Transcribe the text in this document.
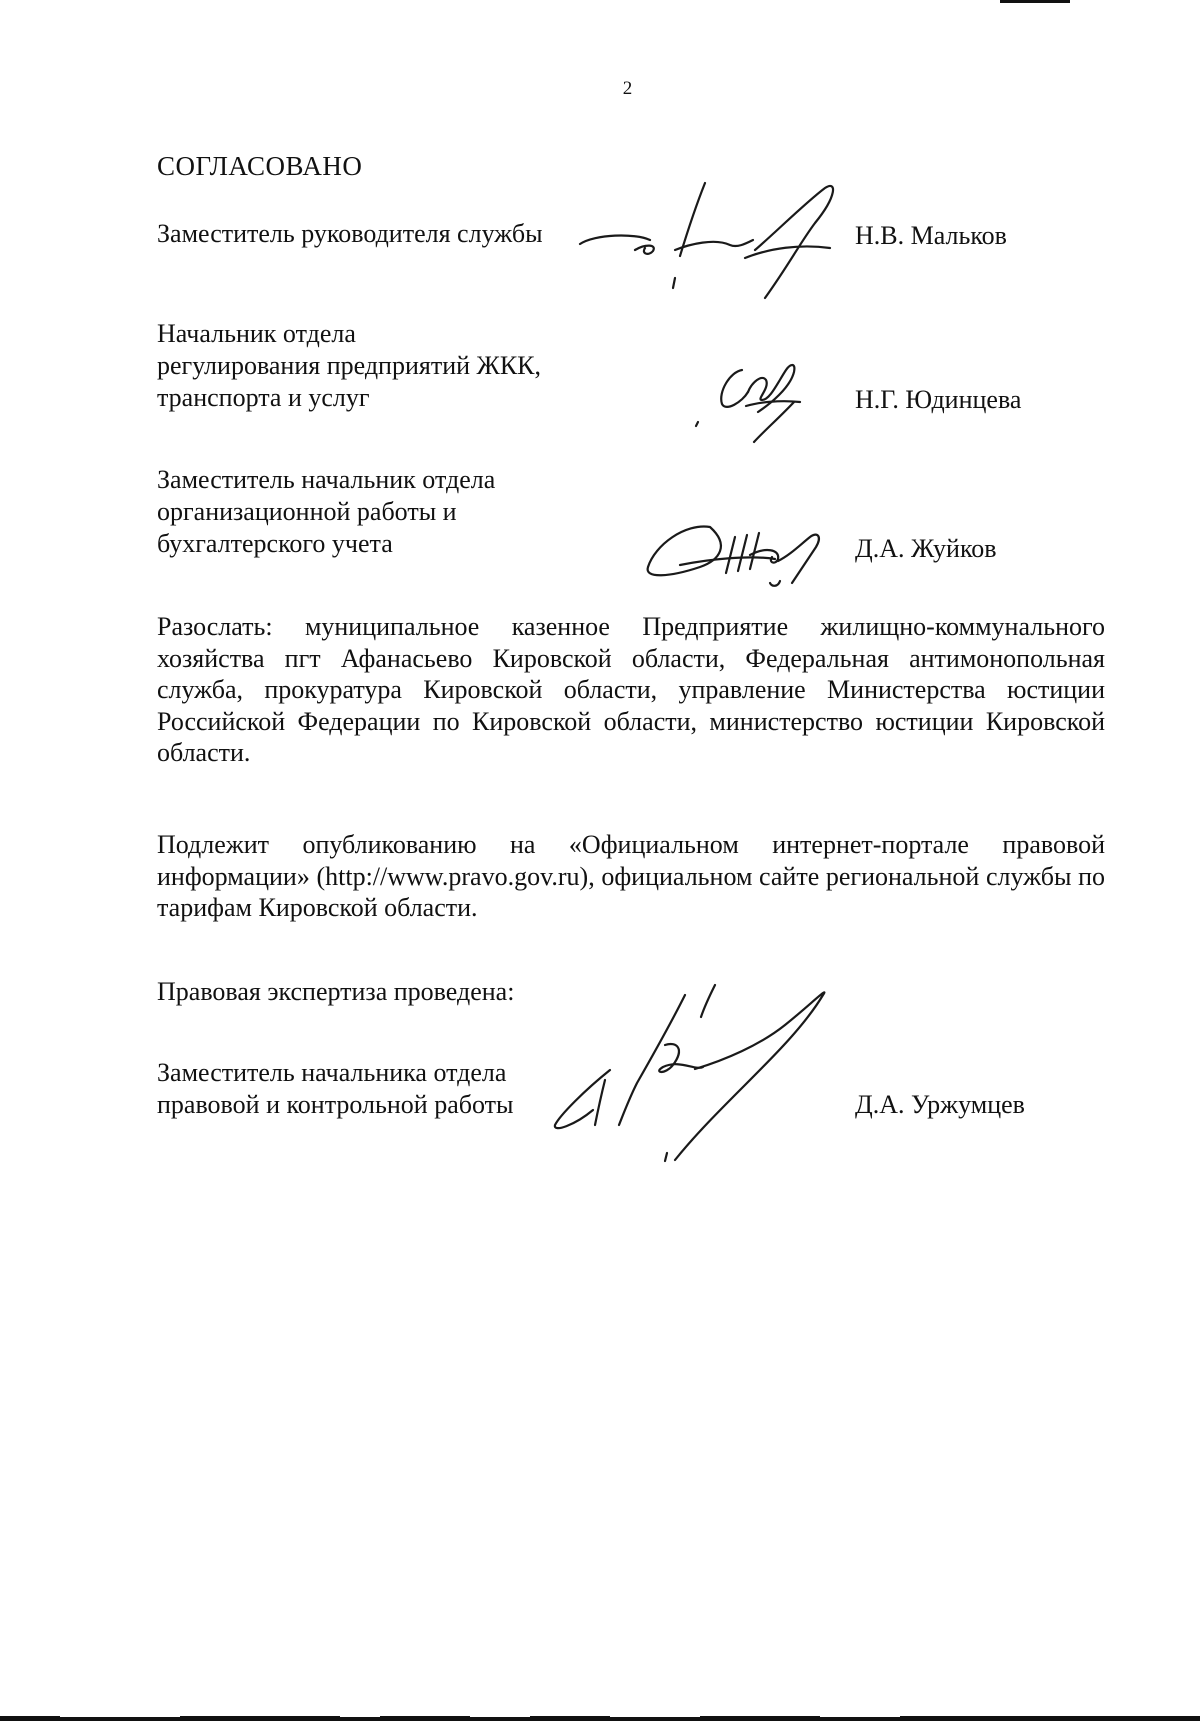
2
СОГЛАСОВАНО
Заместитель руководителя службы	Н.В. Мальков
Начальник отдела
регулирования предприятий ЖКК,
транспорта и услуг	Н.Г. Юдинцева
Заместитель начальник отдела
организационной работы и
бухгалтерского учета	Д.А. Жуйков
Разослать: муниципальное казенное Предприятие жилищно-коммунального хозяйства пгт Афанасьево Кировской области, Федеральная антимонопольная служба, прокуратура Кировской области, управление Министерства юстиции Российской Федерации по Кировской области, министерство юстиции Кировской области.
Подлежит опубликованию на «Официальном интернет-портале правовой информации» (http://www.pravo.gov.ru), официальном сайте региональной службы по тарифам Кировской области.
Правовая экспертиза проведена:
Заместитель начальника отдела
правовой и контрольной работы	Д.А. Уржумцев
